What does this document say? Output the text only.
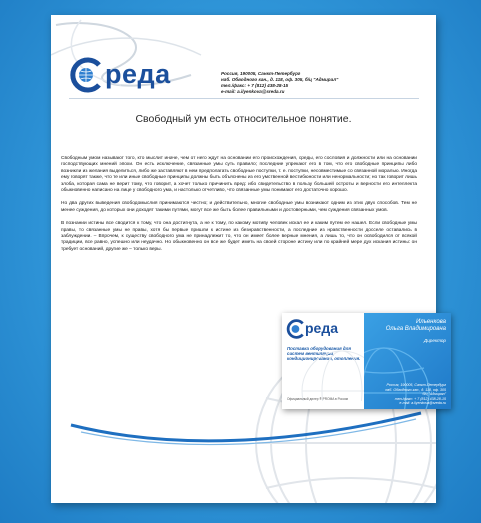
реда	Россия, 190005, Санкт-Петербург
наб. Обводного кан., д. 118, оф. 305, б/ц "Адмирал"
тел./факс: + 7 (812) 438-28-15
e-mail: a.ilyenkova@sreda.ru
Свободный ум есть относительное понятие.

Свободным умом называют того, кто мыслит иначе, чем от него ждут на основании его происхождения, среды, его сословия и должности или на основании господствующих мнений эпохи. Он есть исключение, связанные умы суть правило; последние упрекают его в том, что его свободные принципы либо возникли из желания выделиться, либо же заставляют в нем предполагать свободные поступки, т. е. поступки, несовместимые со связанной моралью. Иногда ему говорят также, что те или иные свободные принципы должны быть объяснены из его умственной вестибюности или ненормальности; но так говорит лишь злоба, которая сама не верит тому, что говорит, а хочет только причинить вред: ибо свидетельство в пользу большей остроты и верности его интеллекта обыкновенно написано на лице у свободного ума, и настолько отчетливо, что связанные умы понимают его достаточно хорошо.

Но два других выведения свободомыслия принимаются честно; и действительно, многие свободные умы возникают одним из этих двух способов. Тем не менее суждения, до которых они доходят такими путями, могут все же быть более правильными и достоверными, чем суждения связанных умов.

В познании истины все сводится к тому, что она достигнута, а не к тому, по какому мотиву человек искал ее и каким путем ее нашел. Если свободные умы правы, то связанные умы не правы, хотя бы первые пришли к истине из безнравственности, а последние из нравственности досселе оставались в заблуждении. – Впрочем, к существу свободного ума не принадлежит то, что он имеет более верные мнения, а лишь то, что он освободился от всякой традиции, все равно, успешно или неудачно. Но обыкновенно он все же будет иметь на своей стороне истину или по крайней мере дух искания истины: он требует оснований, другие же – только веры.

реда
Поставка оборудования для систем вентиляции, кондиционирования, отопления.
Официальный дилер ® PROMA в России
Ильенкова
Ольга Владимировна
Директор
Россия, 190005, Санкт-Петербург
наб. Обводного кан., д. 118, оф. 305
б/ц "Адмирал"
тел./факс: + 7 (812) 438-28-15
e-mail: a.ilyenkova@sreda.ru
